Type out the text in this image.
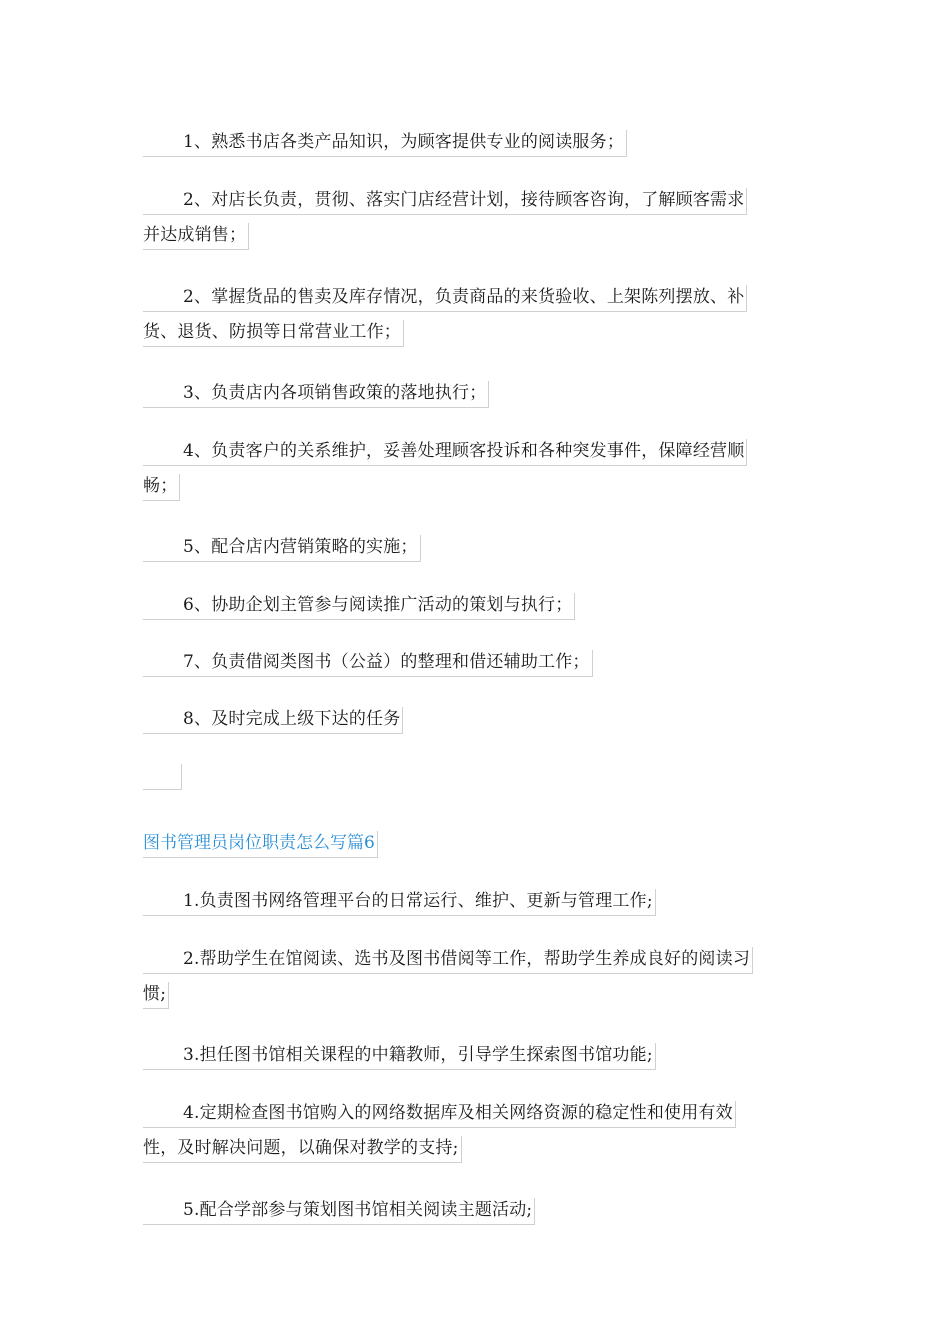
1、熟悉书店各类产品知识，为顾客提供专业的阅读服务；
2、对店长负责，贯彻、落实门店经营计划，接待顾客咨询，了解顾客需求
并达成销售；
2、掌握货品的售卖及库存情况，负责商品的来货验收、上架陈列摆放、补
货、退货、防损等日常营业工作；
3、负责店内各项销售政策的落地执行；
4、负责客户的关系维护，妥善处理顾客投诉和各种突发事件，保障经营顺
畅；
5、配合店内营销策略的实施；
6、协助企划主管参与阅读推广活动的策划与执行；
7、负责借阅类图书（公益）的整理和借还辅助工作；
8、及时完成上级下达的任务
图书管理员岗位职责怎么写篇6
1.负责图书网络管理平台的日常运行、维护、更新与管理工作;
2.帮助学生在馆阅读、选书及图书借阅等工作，帮助学生养成良好的阅读习
惯;
3.担任图书馆相关课程的中籍教师，引导学生探索图书馆功能;
4.定期检查图书馆购入的网络数据库及相关网络资源的稳定性和使用有效
性，及时解决问题，以确保对教学的支持;
5.配合学部参与策划图书馆相关阅读主题活动;
